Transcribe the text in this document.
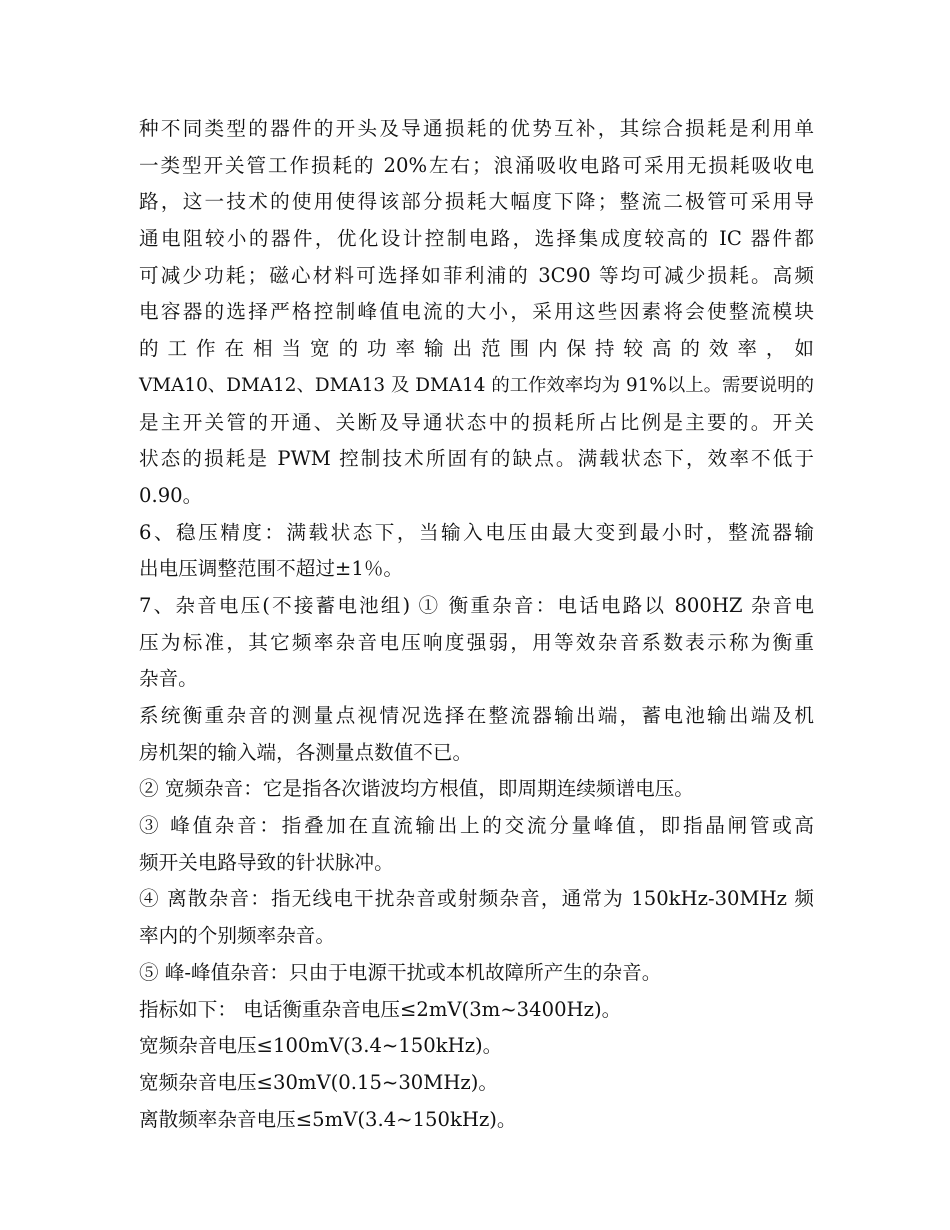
种不同类型的器件的开头及导通损耗的优势互补，其综合损耗是利用单
一类型开关管工作损耗的 20%左右；浪涌吸收电路可采用无损耗吸收电
路，这一技术的使用使得该部分损耗大幅度下降；整流二极管可采用导
通电阻较小的器件，优化设计控制电路，选择集成度较高的 IC 器件都
可减少功耗；磁心材料可选择如菲利浦的 3C90 等均可减少损耗。高频
电容器的选择严格控制峰值电流的大小，采用这些因素将会使整流模块
的 工 作 在 相 当 宽 的 功 率 输 出 范 围 内 保 持 较 高 的 效 率 ， 如
VMA10、DMA12、DMA13 及 DMA14 的工作效率均为 91%以上。需要说明的
是主开关管的开通、关断及导通状态中的损耗所占比例是主要的。开关
状态的损耗是 PWM 控制技术所固有的缺点。满载状态下，效率不低于
0.90。
6、稳压精度：满载状态下，当输入电压由最大变到最小时，整流器输
出电压调整范围不超过±1％。
7、杂音电压(不接蓄电池组) ① 衡重杂音：电话电路以 800HZ 杂音电
压为标准，其它频率杂音电压响度强弱，用等效杂音系数表示称为衡重
杂音。
系统衡重杂音的测量点视情况选择在整流器输出端，蓄电池输出端及机
房机架的输入端，各测量点数值不已。
② 宽频杂音：它是指各次谐波均方根值，即周期连续频谱电压。
③ 峰值杂音：指叠加在直流输出上的交流分量峰值，即指晶闸管或高
频开关电路导致的针状脉冲。
④ 离散杂音：指无线电干扰杂音或射频杂音，通常为 150kHz-30MHz 频
率内的个别频率杂音。
⑤ 峰-峰值杂音：只由于电源干扰或本机故障所产生的杂音。
指标如下： 电话衡重杂音电压≤2mV(3m~3400Hz)。
宽频杂音电压≤100mV(3.4~150kHz)。
宽频杂音电压≤30mV(0.15~30MHz)。
离散频率杂音电压≤5mV(3.4~150kHz)。
